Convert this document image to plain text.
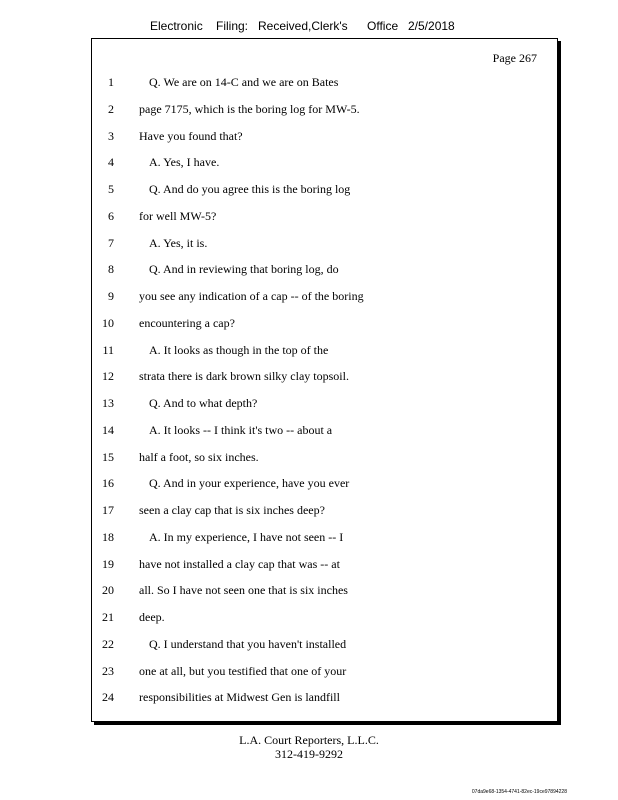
Electronic Filing: Received,Clerk's Office 2/5/2018
Page 267
1	Q. We are on 14-C and we are on Bates
2 page 7175, which is the boring log for MW-5.
3 Have you found that?
4	A. Yes, I have.
5	Q. And do you agree this is the boring log
6 for well MW-5?
7	A. Yes, it is.
8	Q. And in reviewing that boring log, do
9 you see any indication of a cap -- of the boring
10 encountering a cap?
11	A. It looks as though in the top of the
12 strata there is dark brown silky clay topsoil.
13	Q. And to what depth?
14	A. It looks -- I think it's two -- about a
15 half a foot, so six inches.
16	Q. And in your experience, have you ever
17 seen a clay cap that is six inches deep?
18	A. In my experience, I have not seen -- I
19 have not installed a clay cap that was -- at
20 all. So I have not seen one that is six inches
21 deep.
22	Q. I understand that you haven't installed
23 one at all, but you testified that one of your
24 responsibilities at Midwest Gen is landfill
L.A. Court Reporters, L.L.C.
312-419-9292
07da9e68-1354-4741-82ec-19ce97894228
